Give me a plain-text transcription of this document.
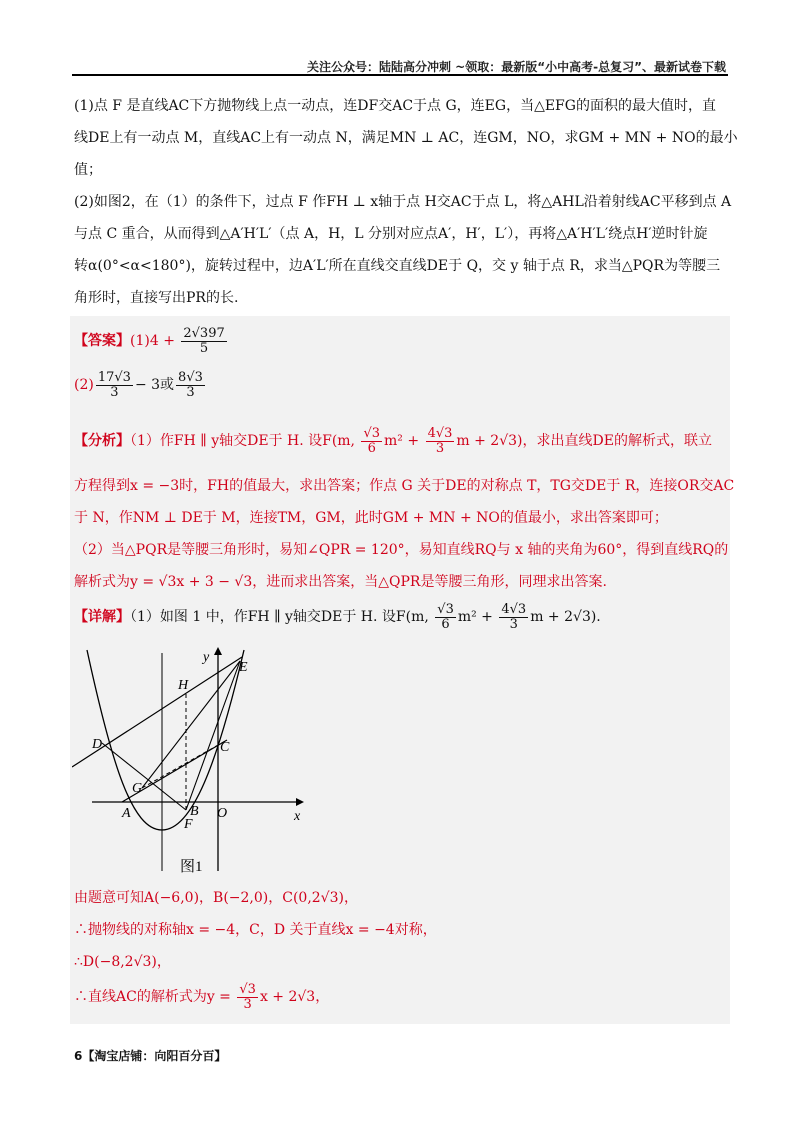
关注公众号：陆陆高分冲刺 ~领取：最新版“小中高考-总复习”、最新试卷下载
(1)点 F 是直线AC下方抛物线上点一动点，连DF交AC于点 G，连EG，当△EFG的面积的最大值时，直
线DE上有一动点 M，直线AC上有一动点 N，满足MN ⊥ AC，连GM，NO，求GM + MN + NO的最小
值；
(2)如图2，在（1）的条件下，过点 F 作FH ⊥ x轴于点 H交AC于点 L，将△AHL沿着射线AC平移到点 A
与点 C 重合，从而得到△A′H′L′（点 A，H，L 分别对应点A′，H′，L′），再将△A′H′L′绕点H′逆时针旋
转α(0°<α<180°)，旋转过程中，边A′L′所在直线交直线DE于 Q，交 y 轴于点 R，求当△PQR为等腰三
角形时，直接写出PR的长.
【答案】$(1)4 + \frac{2√397}{5}$
$(2) \frac{17√3}{3} - 3$或 $\frac{8√3}{3}$
【分析】（1）作FH ∥ y轴交DE于 H. 设F(m, $\frac{√3}{6} m^2 + \frac{4√3}{3}$ m + 2√3)，求出直线DE的解析式，联立
方程得到x = −3时，FH的值最大，求出答案；作点 G 关于DE的对称点 T，TG交DE于 R，连接OR交AC
于 N，作NM ⊥ DE于 M，连接TM，GM，此时GM + MN + NO的值最小，求出答案即可；
（2）当△PQR是等腰三角形时，易知∠QPR = 120°，易知直线RQ与 x 轴的夹角为60°，得到直线RQ的
解析式为y = √3x + 3 − √3，进而求出答案，当△QPR是等腰三角形，同理求出答案.
【详解】（1）如图 1 中，作FH ∥ y轴交DE于 H. 设F(m, $\frac{√3}{6} m^2 + \frac{4√3}{3}$ m + 2√3).
y
E
H
C
D
G
A	B O	x
F
图1
由题意可知A(−6,0)，B(−2,0)，C(0,2√3)，
∴抛物线的对称轴x = −4，C，D 关于直线x = −4对称，
∴D(−8,2√3)，
∴直线AC的解析式为$y = \frac{√3}{3}$ x + 2√3，
6【淘宝店铺：向阳百分百】
